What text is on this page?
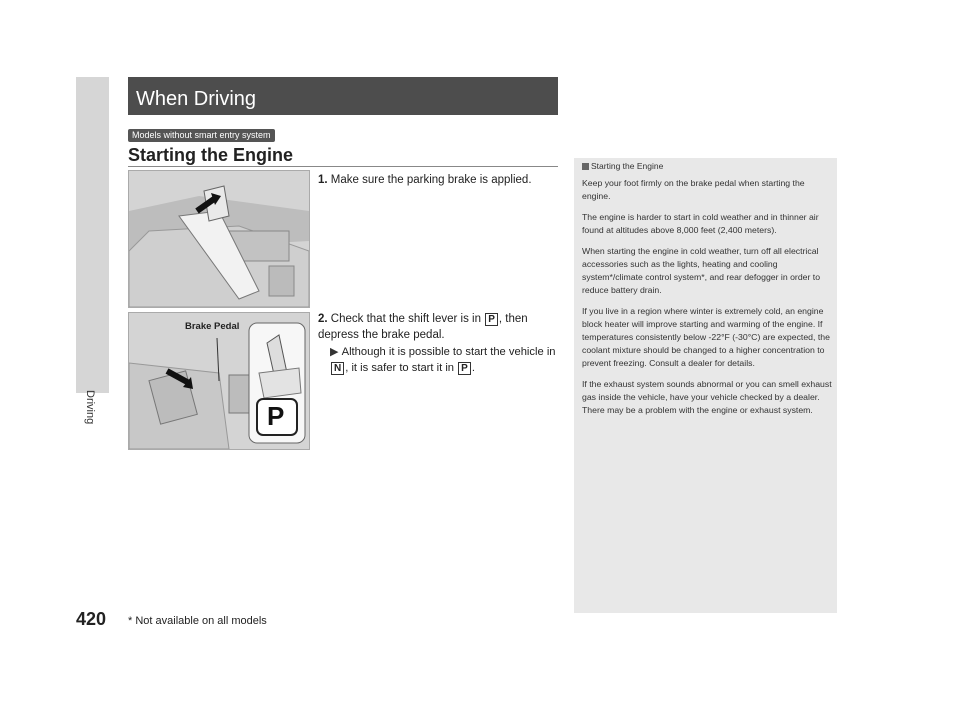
Driving
420 * Not available on all models
When Driving
Models without smart entry system
Starting the Engine
Brake Pedal
P
1. Make sure the parking brake is applied.
2. Check that the shift lever is in P , then depress the brake pedal.
▶ Although it is possible to start the vehicle in N , it is safer to start it in P .
Starting the Engine

Keep your foot firmly on the brake pedal when starting the engine.

The engine is harder to start in cold weather and in thinner air found at altitudes above 8,000 feet (2,400 meters).

When starting the engine in cold weather, turn off all electrical accessories such as the lights, heating and cooling system*/climate control system*, and rear defogger in order to reduce battery drain.

If you live in a region where winter is extremely cold, an engine block heater will improve starting and warming of the engine. If temperatures consistently below -22°F (-30°C) are expected, the coolant mixture should be changed to a higher concentration to prevent freezing. Consult a dealer for details.

If the exhaust system sounds abnormal or you can smell exhaust gas inside the vehicle, have your vehicle checked by a dealer. There may be a problem with the engine or exhaust system.
